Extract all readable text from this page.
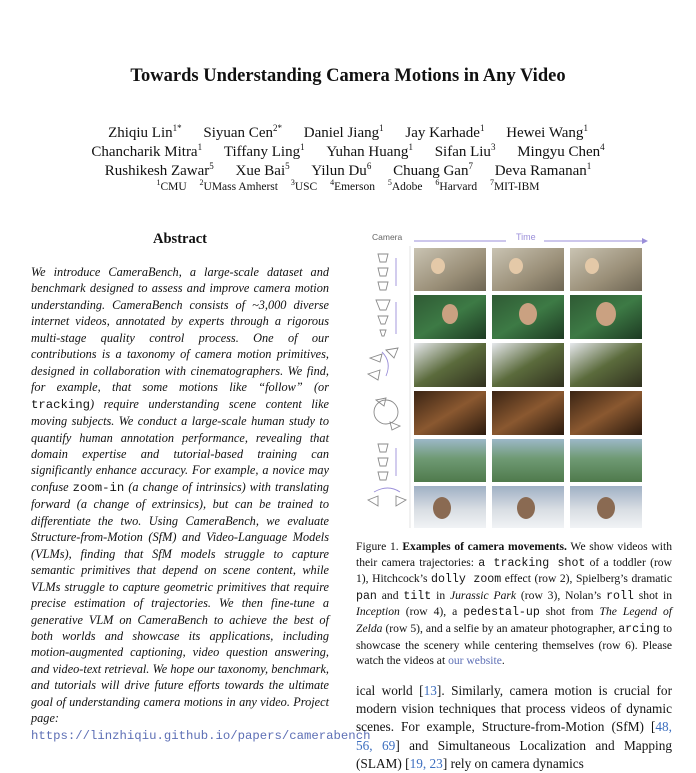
Towards Understanding Camera Motions in Any Video
Zhiqiu Lin$^{1*}$ Siyuan Cen$^{2*}$ Daniel Jiang$^1$ Jay Karhade$^1$ Hewei Wang$^1$
Chancharik Mitra$^1$ Tiffany Ling$^1$ Yuhan Huang$^1$ Sifan Liu$^3$ Mingyu Chen$^4$
Rushikesh Zawar$^5$ Xue Bai$^5$ Yilun Du$^6$ Chuang Gan$^7$ Deva Ramanan$^1$
$^1$CMU $^2$UMass Amherst $^3$USC $^4$Emerson $^5$Adobe $^6$Harvard $^7$MIT-IBM
Abstract
We introduce CameraBench, a large-scale dataset and benchmark designed to assess and improve camera motion understanding. CameraBench consists of ~3,000 diverse internet videos, annotated by experts through a rigorous multi-stage quality control process. One of our contributions is a taxonomy of camera motion primitives, designed in collaboration with cinematographers. We find, for example, that some motions like “follow” (or tracking) require understanding scene content like moving subjects. We conduct a large-scale human study to quantify human annotation performance, revealing that domain expertise and tutorial-based training can significantly enhance accuracy. For example, a novice may confuse zoom-in (a change of intrinsics) with translating forward (a change of extrinsics), but can be trained to differentiate the two. Using CameraBench, we evaluate Structure-from-Motion (SfM) and Video-Language Models (VLMs), finding that SfM models struggle to capture semantic primitives that depend on scene content, while VLMs struggle to capture geometric primitives that require precise estimation of trajectories. We then fine-tune a generative VLM on CameraBench to achieve the best of both worlds and showcase its applications, including motion-augmented captioning, video question answering, and video-text retrieval. We hope our taxonomy, benchmark, and tutorials will drive future efforts towards the ultimate goal of understanding camera motions in any video. Project page: https://linzhiqiu.github.io/papers/camerabench
Camera	Time
Figure 1. Examples of camera movements. We show videos with their camera trajectories: a tracking shot of a toddler (row 1), Hitchcock’s dolly zoom effect (row 2), Spielberg’s dramatic pan and tilt in Jurassic Park (row 3), Nolan’s roll shot in Inception (row 4), a pedestal-up shot from The Legend of Zelda (row 5), and a selfie by an amateur photographer, arcing to showcase the scenery while centering themselves (row 6). Please watch the videos at our website.
ical world [13]. Similarly, camera motion is crucial for modern vision techniques that process videos of dynamic scenes. For example, Structure-from-Motion (SfM) [48, 56, 69] and Simultaneous Localization and Mapping (SLAM) [19, 23] rely on camera dynamics
